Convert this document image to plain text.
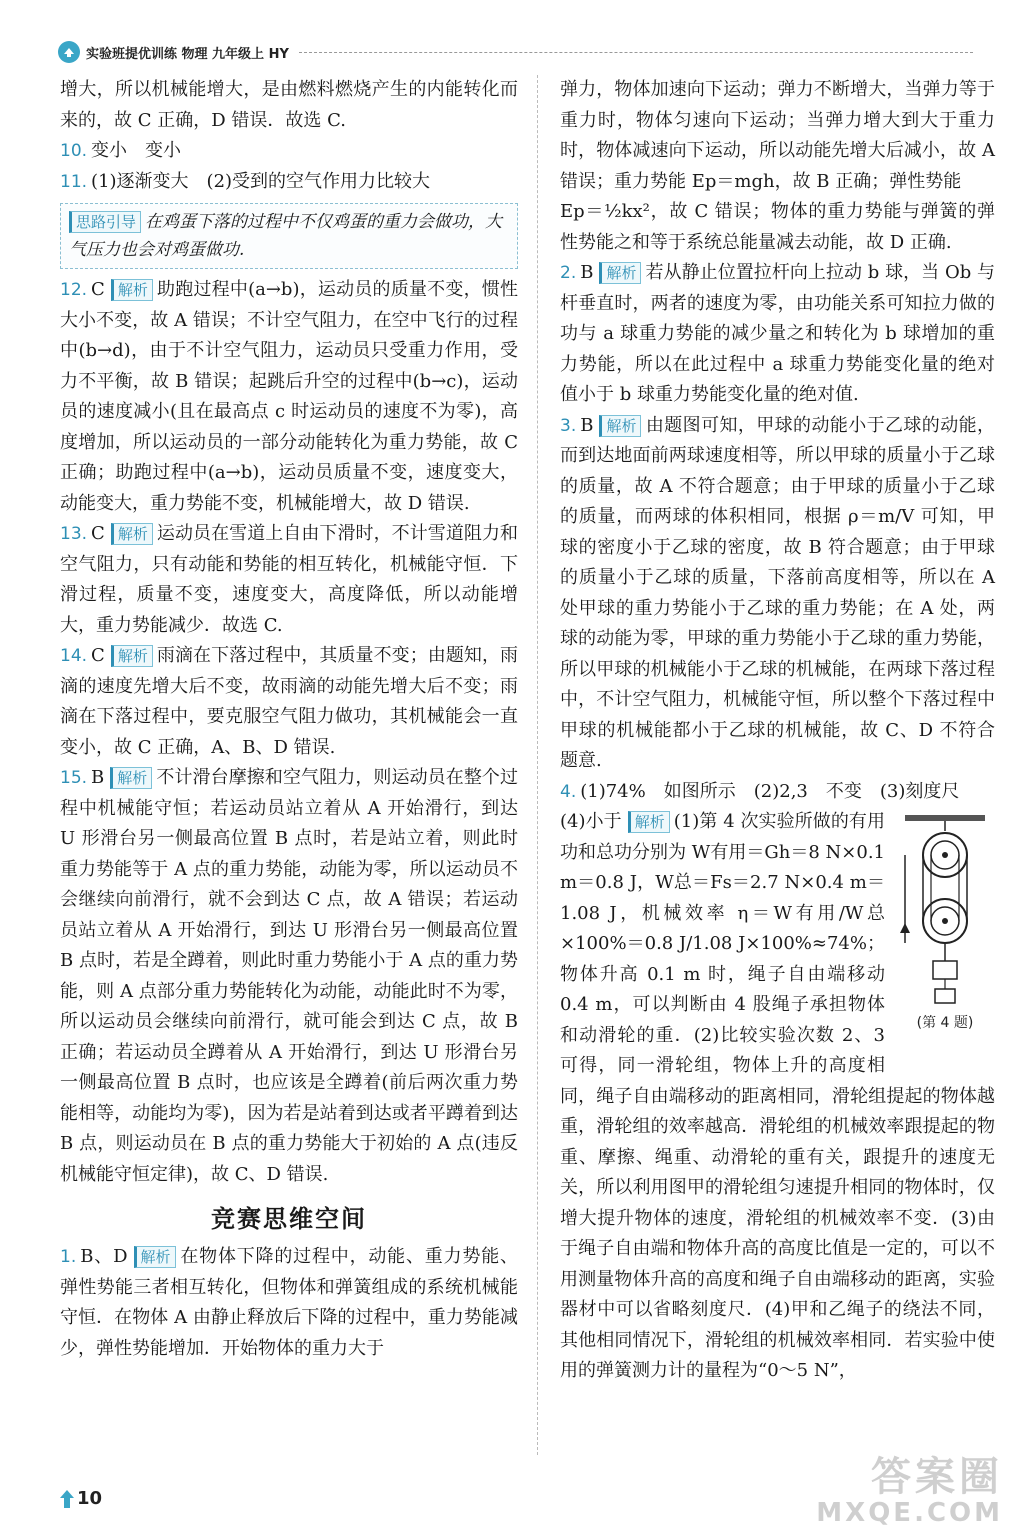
实验班提优训练 物理 九年级上 HY

增大，所以机械能增大，是由燃料燃烧产生的内能转化而来的，故 C 正确，D 错误．故选 C.

10. 变小　变小

11. (1)逐渐变大　(2)受到的空气作用力比较大

思路引导 在鸡蛋下落的过程中不仅鸡蛋的重力会做功，大气压力也会对鸡蛋做功.

12. C 解析 助跑过程中(a→b)，运动员的质量不变，惯性大小不变，故 A 错误；不计空气阻力，在空中飞行的过程中(b→d)，由于不计空气阻力，运动员只受重力作用，受力不平衡，故 B 错误；起跳后升空的过程中(b→c)，运动员的速度减小(且在最高点 c 时运动员的速度不为零)，高度增加，所以运动员的一部分动能转化为重力势能，故 C 正确；助跑过程中(a→b)，运动员质量不变，速度变大，动能变大，重力势能不变，机械能增大，故 D 错误.

13. C 解析 运动员在雪道上自由下滑时，不计雪道阻力和空气阻力，只有动能和势能的相互转化，机械能守恒．下滑过程，质量不变，速度变大，高度降低，所以动能增大，重力势能减少．故选 C.

14. C 解析 雨滴在下落过程中，其质量不变；由题知，雨滴的速度先增大后不变，故雨滴的动能先增大后不变；雨滴在下落过程中，要克服空气阻力做功，其机械能会一直变小，故 C 正确，A、B、D 错误.

15. B 解析 不计滑台摩擦和空气阻力，则运动员在整个过程中机械能守恒；若运动员站立着从 A 开始滑行，到达 U 形滑台另一侧最高位置 B 点时，若是站立着，则此时重力势能等于 A 点的重力势能，动能为零，所以运动员不会继续向前滑行，就不会到达 C 点，故 A 错误；若运动员站立着从 A 开始滑行，到达 U 形滑台另一侧最高位置 B 点时，若是全蹲着，则此时重力势能小于 A 点的重力势能，则 A 点部分重力势能转化为动能，动能此时不为零，所以运动员会继续向前滑行，就可能会到达 C 点，故 B 正确；若运动员全蹲着从 A 开始滑行，到达 U 形滑台另一侧最高位置 B 点时，也应该是全蹲着(前后两次重力势能相等，动能均为零)，因为若是站着到达或者平蹲着到达 B 点，则运动员在 B 点的重力势能大于初始的 A 点(违反机械能守恒定律)，故 C、D 错误.

竞赛思维空间

1. B、D 解析 在物体下降的过程中，动能、重力势能、弹性势能三者相互转化，但物体和弹簧组成的系统机械能守恒．在物体 A 由静止释放后下降的过程中，重力势能减少，弹性势能增加．开始物体的重力大于

弹力，物体加速向下运动；弹力不断增大，当弹力等于重力时，物体匀速向下运动；当弹力增大到大于重力时，物体减速向下运动，所以动能先增大后减小，故 A 错误；重力势能 Ep＝mgh，故 B 正确；弹性势能

Ep＝½kx²，故 C 错误；物体的重力势能与弹簧的弹性势能之和等于系统总能量减去动能，故 D 正确.

2. B 解析 若从静止位置拉杆向上拉动 b 球，当 Ob 与杆垂直时，两者的速度为零，由功能关系可知拉力做的功与 a 球重力势能的减少量之和转化为 b 球增加的重力势能，所以在此过程中 a 球重力势能变化量的绝对值小于 b 球重力势能变化量的绝对值.

3. B 解析 由题图可知，甲球的动能小于乙球的动能，而到达地面前两球速度相等，所以甲球的质量小于乙球的质量，故 A 不符合题意；由于甲球的质量小于乙球的质量，而两球的体积相同，根据 ρ＝m/V 可知，甲球的密度小于乙球的密度，故 B 符合题意；由于甲球的质量小于乙球的质量，下落前高度相等，所以在 A 处甲球的重力势能小于乙球的重力势能；在 A 处，两球的动能为零，甲球的重力势能小于乙球的重力势能，所以甲球的机械能小于乙球的机械能，在两球下落过程中，不计空气阻力，机械能守恒，所以整个下落过程中甲球的机械能都小于乙球的机械能，故 C、D 不符合题意.

4. (1)74%　如图所示　(2)2,3　不变　(3)刻度尺

(第 4 题)
(4)小于 解析 (1)第 4 次实验所做的有用功和总功分别为 W有用＝Gh＝8 N×0.1 m＝0.8 J，W总＝Fs＝2.7 N×0.4 m＝1.08 J，机械效率 η＝W有用/W总×100%＝0.8 J/1.08 J×100%≈74%；物体升高 0.1 m 时，绳子自由端移动 0.4 m，可以判断由 4 股绳子承担物体和动滑轮的重．(2)比较实验次数 2、3 可得，同一滑轮组，物体上升的高度相同，绳子自由端移动的距离相同，滑轮组提起的物体越重，滑轮组的效率越高．滑轮组的机械效率跟提起的物重、摩擦、绳重、动滑轮的重有关，跟提升的速度无关，所以利用图甲的滑轮组匀速提升相同的物体时，仅增大提升物体的速度，滑轮组的机械效率不变．(3)由于绳子自由端和物体升高的高度比值是一定的，可以不用测量物体升高的高度和绳子自由端移动的距离，实验器材中可以省略刻度尺．(4)甲和乙绳子的绕法不同，其他相同情况下，滑轮组的机械效率相同．若实验中使用的弹簧测力计的量程为“0～5 N”，
10	答案圈
MXQE.COM
